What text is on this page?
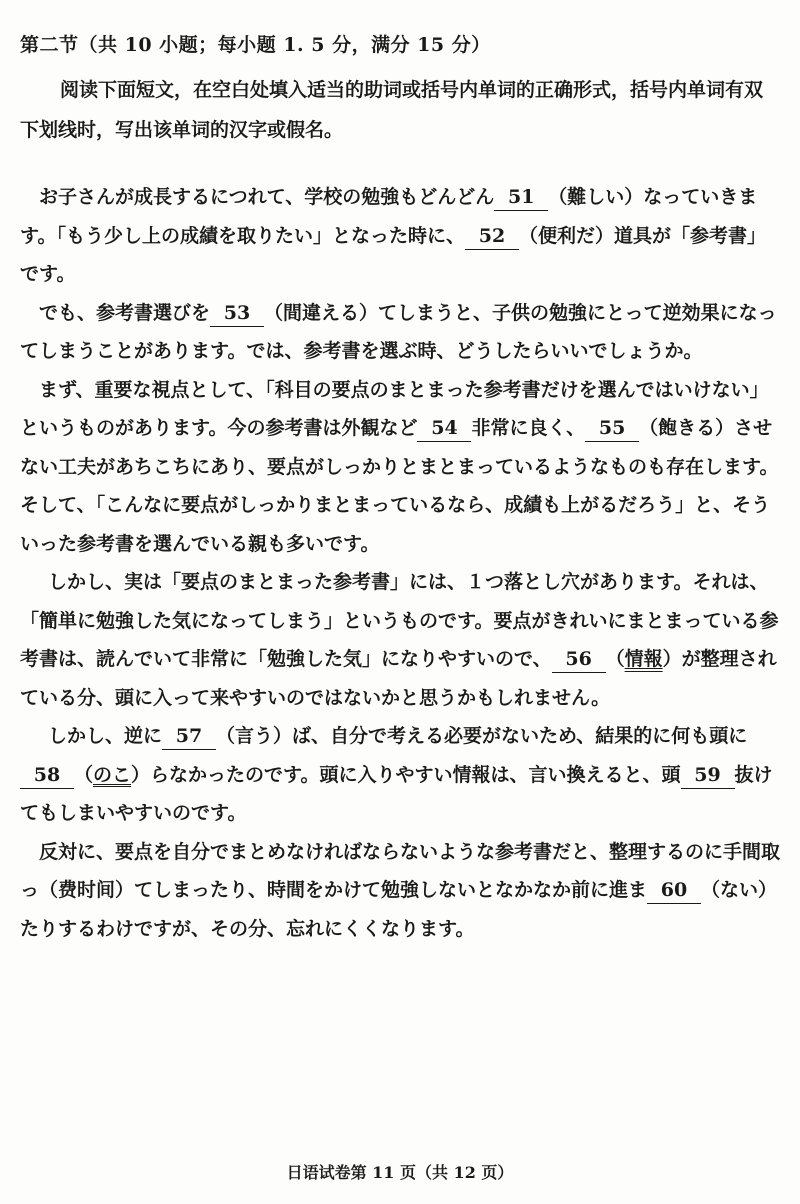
第二节（共 10 小题；每小题 1. 5 分，满分 15 分）
阅读下面短文，在空白处填入适当的助词或括号内单词的正确形式，括号内单词有双下划线时，写出该单词的汉字或假名。

お子さんが成長するにつれて、学校の勉強もどんどん 51 （難しい）なっていきます。「もう少し上の成績を取りたい」となった時に、 52 （便利だ）道具が「参考書」です。

でも、参考書選びを 53 （間違える）てしまうと、子供の勉強にとって逆効果になってしまうことがあります。では、参考書を選ぶ時、どうしたらいいでしょうか。

まず、重要な視点として、「科目の要点のまとまった参考書だけを選んではいけない」というものがあります。今の参考書は外観など 54 非常に良く、 55 （飽きる）させない工夫があちこちにあり、要点がしっかりとまとまっているようなものも存在します。そして、「こんなに要点がしっかりまとまっているなら、成績も上がるだろう」と、そういった参考書を選んでいる親も多いです。

しかし、実は「要点のまとまった参考書」には、１つ落とし穴があります。それは、「簡単に勉強した気になってしまう」というものです。要点がきれいにまとまっている参考書は、読んでいて非常に「勉強した気」になりやすいので、 56 （情報）が整理されている分、頭に入って来やすいのではないかと思うかもしれません。

しかし、逆に 57 （言う）ば、自分で考える必要がないため、結果的に何も頭に58 （のこ）らなかったのです。頭に入りやすい情報は、言い換えると、頭 59 抜けてもしまいやすいのです。

反対に、要点を自分でまとめなければならないような参考書だと、整理するのに手間取っ（费时间）てしまったり、時間をかけて勉強しないとなかなか前に進ま 60 （ない）たりするわけですが、その分、忘れにくくなります。

日语试卷第 11 页（共 12 页）
